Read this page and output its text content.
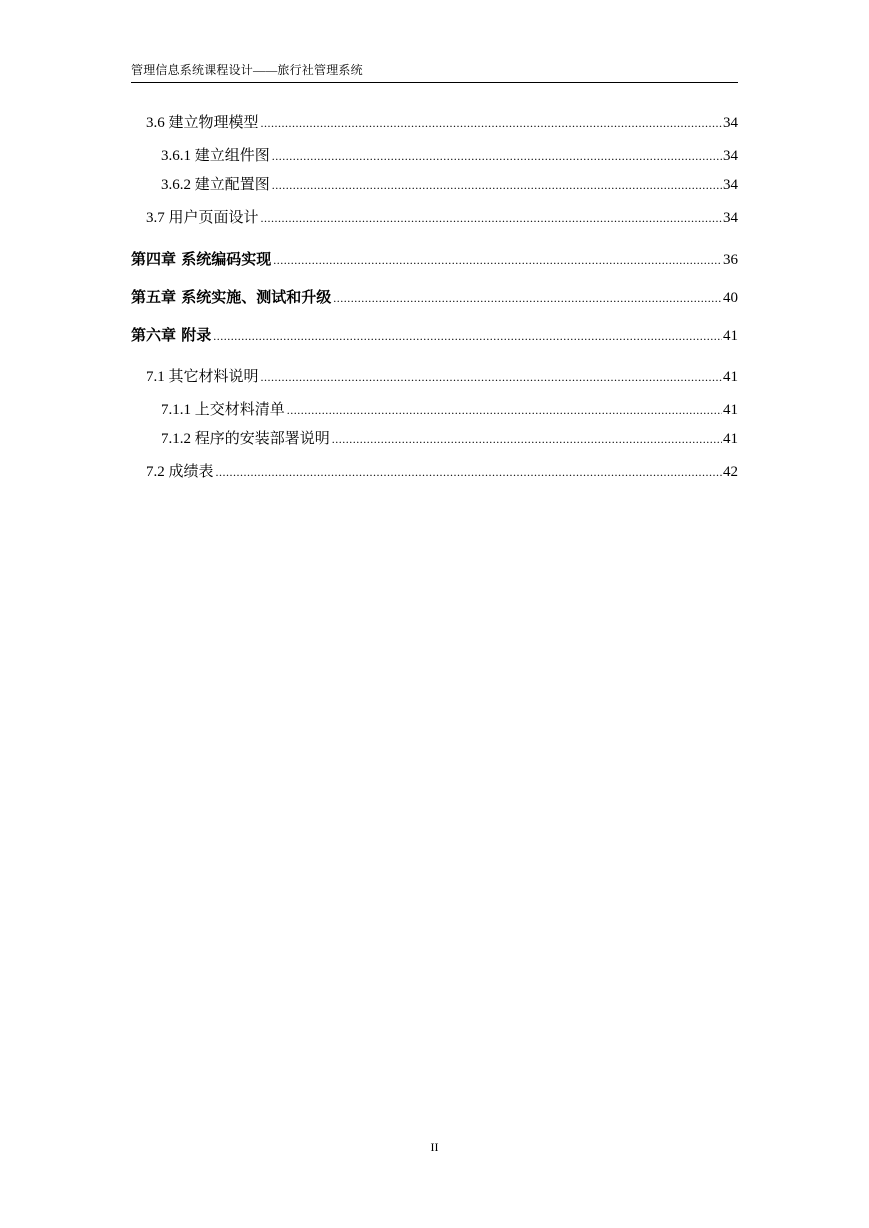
管理信息系统课程设计——旅行社管理系统
3.6 建立物理模型 .....	34
3.6.1 建立组件图 .....	34
3.6.2 建立配置图 .....	34
3.7 用户页面设计 .....	34
第四章 系统编码实现 .....	36
第五章 系统实施、测试和升级 .....	40
第六章 附录 .....	41
7.1 其它材料说明 .....	41
7.1.1 上交材料清单 .....	41
7.1.2 程序的安装部署说明 .....	41
7.2 成绩表 .....	42
II
